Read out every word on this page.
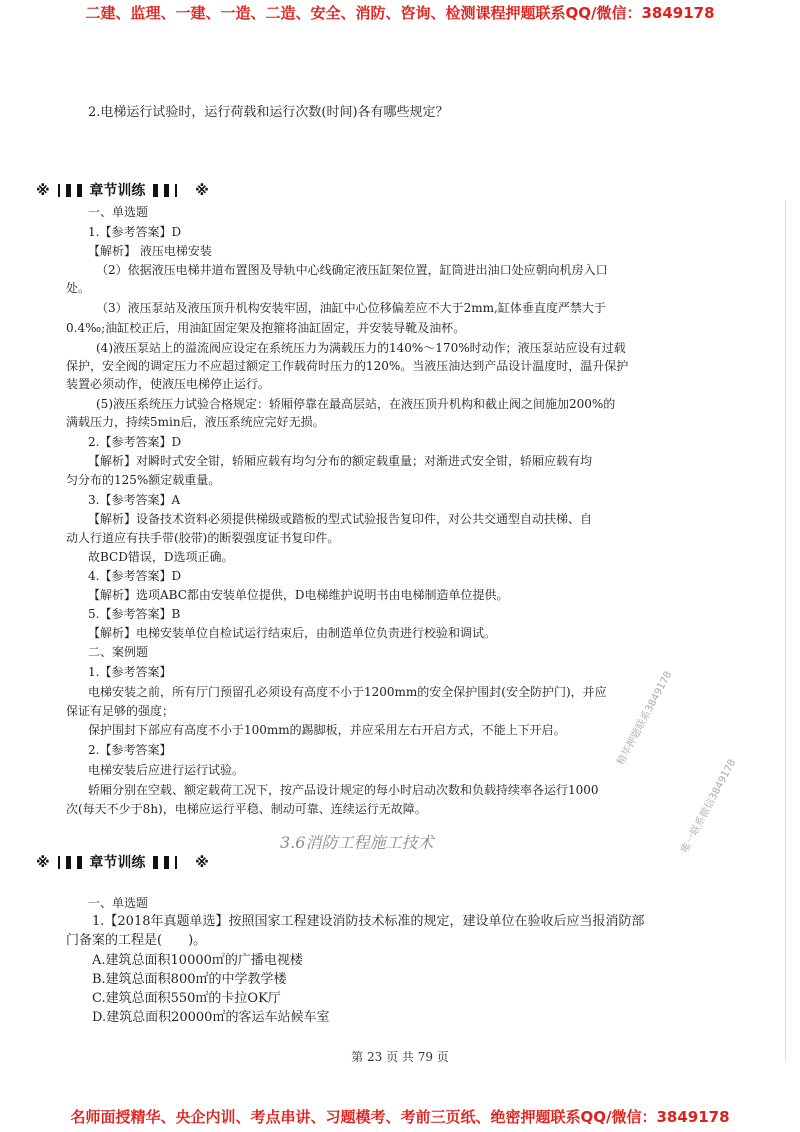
二建、监理、一建、一造、二造、安全、消防、咨询、检测课程押题联系QQ/微信：3849178
2.电梯运行试验时，运行荷载和运行次数(时间)各有哪些规定？
※	章节训练	※
一、单选题
1.【参考答案】D
【解析】 液压电梯安装
（2）依据液压电梯井道布置图及导轨中心线确定液压缸架位置，缸筒进出油口处应朝向机房入口
处。
（3）液压泵站及液压顶升机构安装牢固，油缸中心位移偏差应不大于2mm,缸体垂直度严禁大于
0.4‰;油缸校正后，用油缸固定架及抱箍将油缸固定，并安装导靴及油杯。
(4)液压泵站上的溢流阀应设定在系统压力为满载压力的140%～170%时动作；液压泵站应设有过载
保护，安全阀的调定压力不应超过额定工作载荷时压力的120%。当液压油达到产品设计温度时，温升保护
装置必须动作，使液压电梯停止运行。
(5)液压系统压力试验合格规定：轿厢停靠在最高层站，在液压顶升机构和截止阀之间施加200%的
满载压力，持续5min后，液压系统应完好无损。
2.【参考答案】D
【解析】对瞬时式安全钳，轿厢应载有均匀分布的额定载重量；对渐进式安全钳，轿厢应载有均
匀分布的125%额定载重量。
3.【参考答案】A
【解析】设备技术资料必须提供梯级或踏板的型式试验报告复印件，对公共交通型自动扶梯、自
动人行道应有扶手带(胶带)的断裂强度证书复印件。
故BCD错误，D选项正确。
4.【参考答案】D
【解析】选项ABC都由安装单位提供，D电梯维护说明书由电梯制造单位提供。
5.【参考答案】B
【解析】电梯安装单位自检试运行结束后，由制造单位负责进行校验和调试。
二、案例题
1.【参考答案】
电梯安装之前，所有厅门预留孔必须设有高度不小于1200mm的安全保护围封(安全防护门)，并应
保证有足够的强度；
保护围封下部应有高度不小于100mm的踢脚板，并应采用左右开启方式，不能上下开启。
2.【参考答案】
电梯安装后应进行运行试验。
轿厢分别在空载、额定载荷工况下，按产品设计规定的每小时启动次数和负载持续率各运行1000
次(每天不少于8h)，电梯应运行平稳、制动可靠、连续运行无故障。
3.6消防工程施工技术
※	章节训练	※
一、单选题
1.【2018年真题单选】按照国家工程建设消防技术标准的规定，建设单位在验收后应当报消防部
门备案的工程是(　　)。
A.建筑总面积10000㎡的广播电视楼
B.建筑总面积800㎡的中学教学楼
C.建筑总面积550㎡的卡拉OK厅
D.建筑总面积20000㎡的客运车站候车室
第 23 页 共 79 页
名师面授精华、央企内训、考点串讲、习题模考、考前三页纸、绝密押题联系QQ/微信：3849178
精华押题联系3849178
唯一联系微信3849178
